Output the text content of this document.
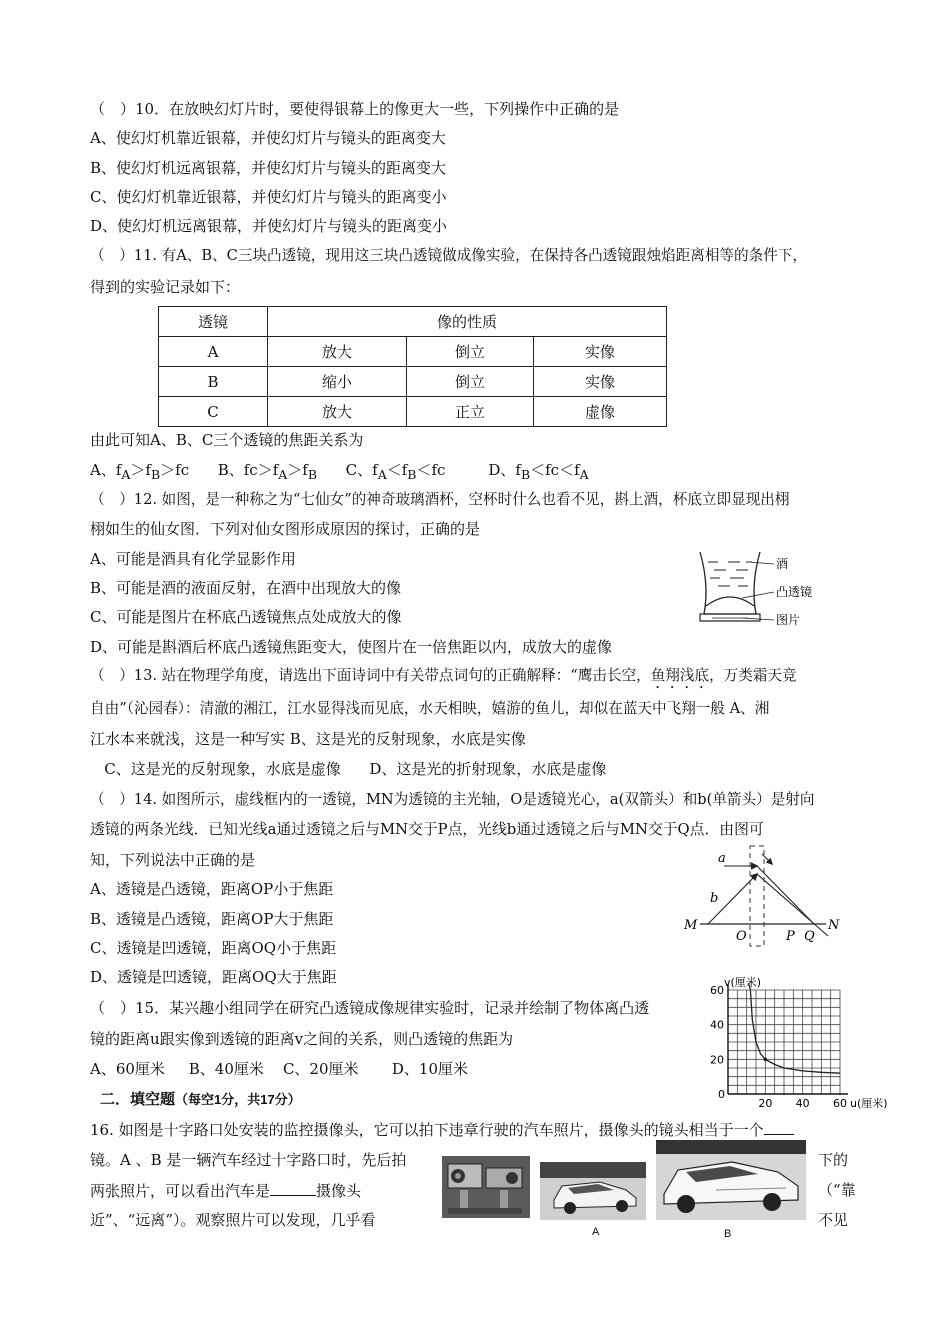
（　）10．在放映幻灯片时，要使得银幕上的像更大一些，下列操作中正确的是
A、使幻灯机靠近银幕，并使幻灯片与镜头的距离变大
B、使幻灯机远离银幕，并使幻灯片与镜头的距离变大
C、使幻灯机靠近银幕，并使幻灯片与镜头的距离变小
D、使幻灯机远离银幕，并使幻灯片与镜头的距离变小
（　）11. 有A、B、C三块凸透镜，现用这三块凸透镜做成像实验，在保持各凸透镜跟烛焰距离相等的条件下，
得到的实验记录如下：
透镜	像的性质		
A	放大	倒立	实像
B	缩小	倒立	实像
C	放大	正立	虚像
由此可知A、B、C三个透镜的焦距关系为
A、$f_A>f_B>fc$ B、$fc>f_A>f_B$ C、$f_A<f_B<fc$	D、$f_B<fc<f_A$
（　）12. 如图，是一种称之为“七仙女”的神奇玻璃酒杯，空杯时什么也看不见，斟上酒，杯底立即显现出栩
栩如生的仙女图．下列对仙女图形成原因的探讨，正确的是
A、可能是酒具有化学显影作用
B、可能是酒的液面反射，在酒中出现放大的像
C、可能是图片在杯底凸透镜焦点处成放大的像
D、可能是斟酒后杯底凸透镜焦距变大，使图片在一倍焦距以内，成放大的虚像
酒
凸透镜
图片
（　）13. 站在物理学角度，请选出下面诗词中有关带点词句的正确解释：“鹰击长空，鱼翔浅底，万类霜天竞
自由”（沁园春）：清澈的湘江，江水显得浅而见底，水天相映，嬉游的鱼儿，却似在蓝天中飞翔一般 A、湘
江水本来就浅，这是一种写实 B、这是光的反射现象，水底是实像
C、这是光的反射现象，水底是虚像      D、这是光的折射现象，水底是虚像
（　）14. 如图所示，虚线框内的一透镜，MN为透镜的主光轴，O是透镜光心，a(双箭头）和b(单箭头）是射向
透镜的两条光线．已知光线a通过透镜之后与MN交于P点，光线b通过透镜之后与MN交于Q点．由图可
知，下列说法中正确的是
A、透镜是凸透镜，距离OP小于焦距
B、透镜是凸透镜，距离OP大于焦距
C、透镜是凹透镜，距离OQ小于焦距
D、透镜是凹透镜，距离OQ大于焦距
a
b
M	N
O	P Q
（　）15．某兴趣小组同学在研究凸透镜成像规律实验时，记录并绘制了物体离凸透
镜的距离u跟实像到透镜的距离v之间的关系，则凸透镜的焦距为
A、60厘米     B、40厘米    C、20厘米       D、10厘米
20 40 60
0
20
40
60
v(厘米)
u(厘米)
二．填空题（每空1分，共17分）
16. 如图是十字路口处安装的监控摄像头，它可以拍下违章行驶的汽车照片，摄像头的镜头相当于一个
镜。A 、B 是一辆汽车经过十字路口时，先后拍	下的
两张照片，可以看出汽车是	摄像头	（“靠
近”、“远离”）。观察照片可以发现，几乎看	不见
A	B
